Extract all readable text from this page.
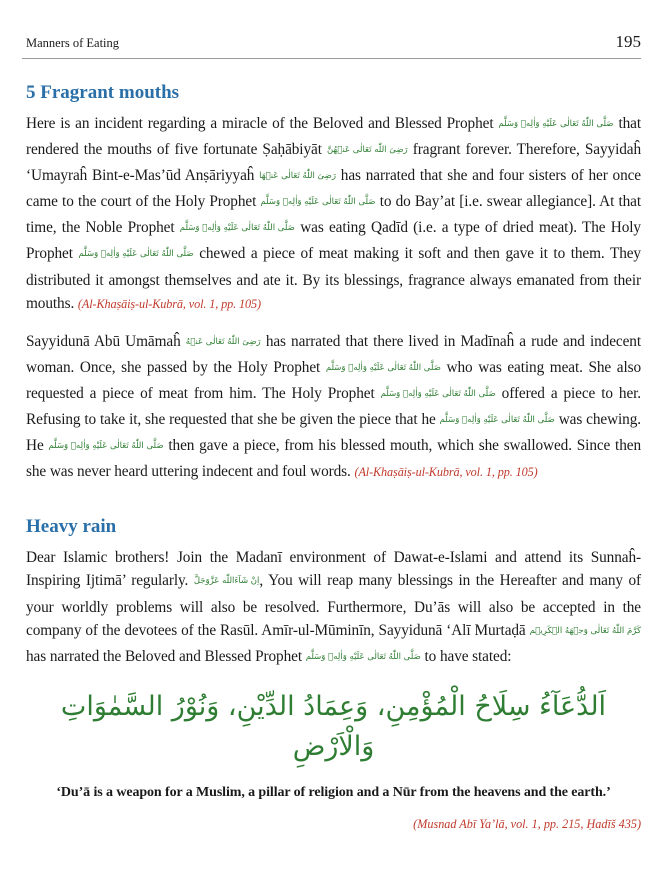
Manners of Eating	195
5 Fragrant mouths

Here is an incident regarding a miracle of the Beloved and Blessed Prophet صَلَّى اللّٰهُ تَعَالٰى عَلَيْهِ وَاٰلِهٖ وَسَلَّم that rendered the mouths of five fortunate Ṣaḥābiyāt رَضِیَ اللّٰه تَعَالٰی عَنۡهُنَّ fragrant forever. Therefore, Sayyidaĥ ‘Umayraĥ Bint-e-Mas’ūd Anṣāriyyaĥ رَضِیَ اللّٰهُ تَعَالٰی عَنۡهَا has narrated that she and four sisters of her once came to the court of the Holy Prophet صَلَّى اللّٰهُ تَعَالٰى عَلَيْهِ وَاٰلِهٖ وَسَلَّم to do Bay’at [i.e. swear allegiance]. At that time, the Noble Prophet صَلَّى اللّٰهُ تَعَالٰى عَلَيْهِ وَاٰلِهٖ وَسَلَّم was eating Qadīd (i.e. a type of dried meat). The Holy Prophet صَلَّى اللّٰهُ تَعَالٰى عَلَيْهِ وَاٰلِهٖ وَسَلَّم chewed a piece of meat making it soft and then gave it to them. They distributed it amongst themselves and ate it. By its blessings, fragrance always emanated from their mouths. (Al-Khaṣāiṣ-ul-Kubrā, vol. 1, pp. 105)

Sayyidunā Abū Umāmaĥ رَضِیَ اللّٰهُ تَعَالٰی عَنۡهُ has narrated that there lived in Madīnaĥ a rude and indecent woman. Once, she passed by the Holy Prophet صَلَّى اللّٰهُ تَعَالٰى عَلَيْهِ وَاٰلِهٖ وَسَلَّم who was eating meat. She also requested a piece of meat from him. The Holy Prophet صَلَّى اللّٰهُ تَعَالٰى عَلَيْهِ وَاٰلِهٖ وَسَلَّم offered a piece to her. Refusing to take it, she requested that she be given the piece that he صَلَّى اللّٰهُ تَعَالٰى عَلَيْهِ وَاٰلِهٖ وَسَلَّم was chewing. He صَلَّى اللّٰهُ تَعَالٰى عَلَيْهِ وَاٰلِهٖ وَسَلَّم then gave a piece, from his blessed mouth, which she swallowed. Since then she was never heard uttering indecent and foul words. (Al-Khaṣāiṣ-ul-Kubrā, vol. 1, pp. 105)

Heavy rain

Dear Islamic brothers! Join the Madanī environment of Dawat-e-Islami and attend its Sunnaĥ-Inspiring Ijtimā’ regularly. اِنْ شَآءَاللّٰه عَزَّوَجَلَّ, You will reap many blessings in the Hereafter and many of your worldly problems will also be resolved. Furthermore, Du’ās will also be accepted in the company of the devotees of the Rasūl. Amīr-ul-Mūminīn, Sayyidunā ‘Alī Murtaḍā كَرَّمَ اللّٰهُ تَعَالٰى وَجۡهَهُ الۡكَرِيۡم has narrated the Beloved and Blessed Prophet صَلَّى اللّٰهُ تَعَالٰى عَلَيْهِ وَاٰلِهٖ وَسَلَّم to have stated:

اَلدُّعَآءُ سِلَاحُ الْمُؤْمِنِ، وَعِمَادُ الدِّيْنِ، وَنُوْرُ السَّمٰوَاتِ وَالْاَرْضِ
‘Du’ā is a weapon for a Muslim, a pillar of religion and a Nūr from the heavens and the earth.’
(Musnad Abī Ya’lā, vol. 1, pp. 215, Ḥadīš 435)
